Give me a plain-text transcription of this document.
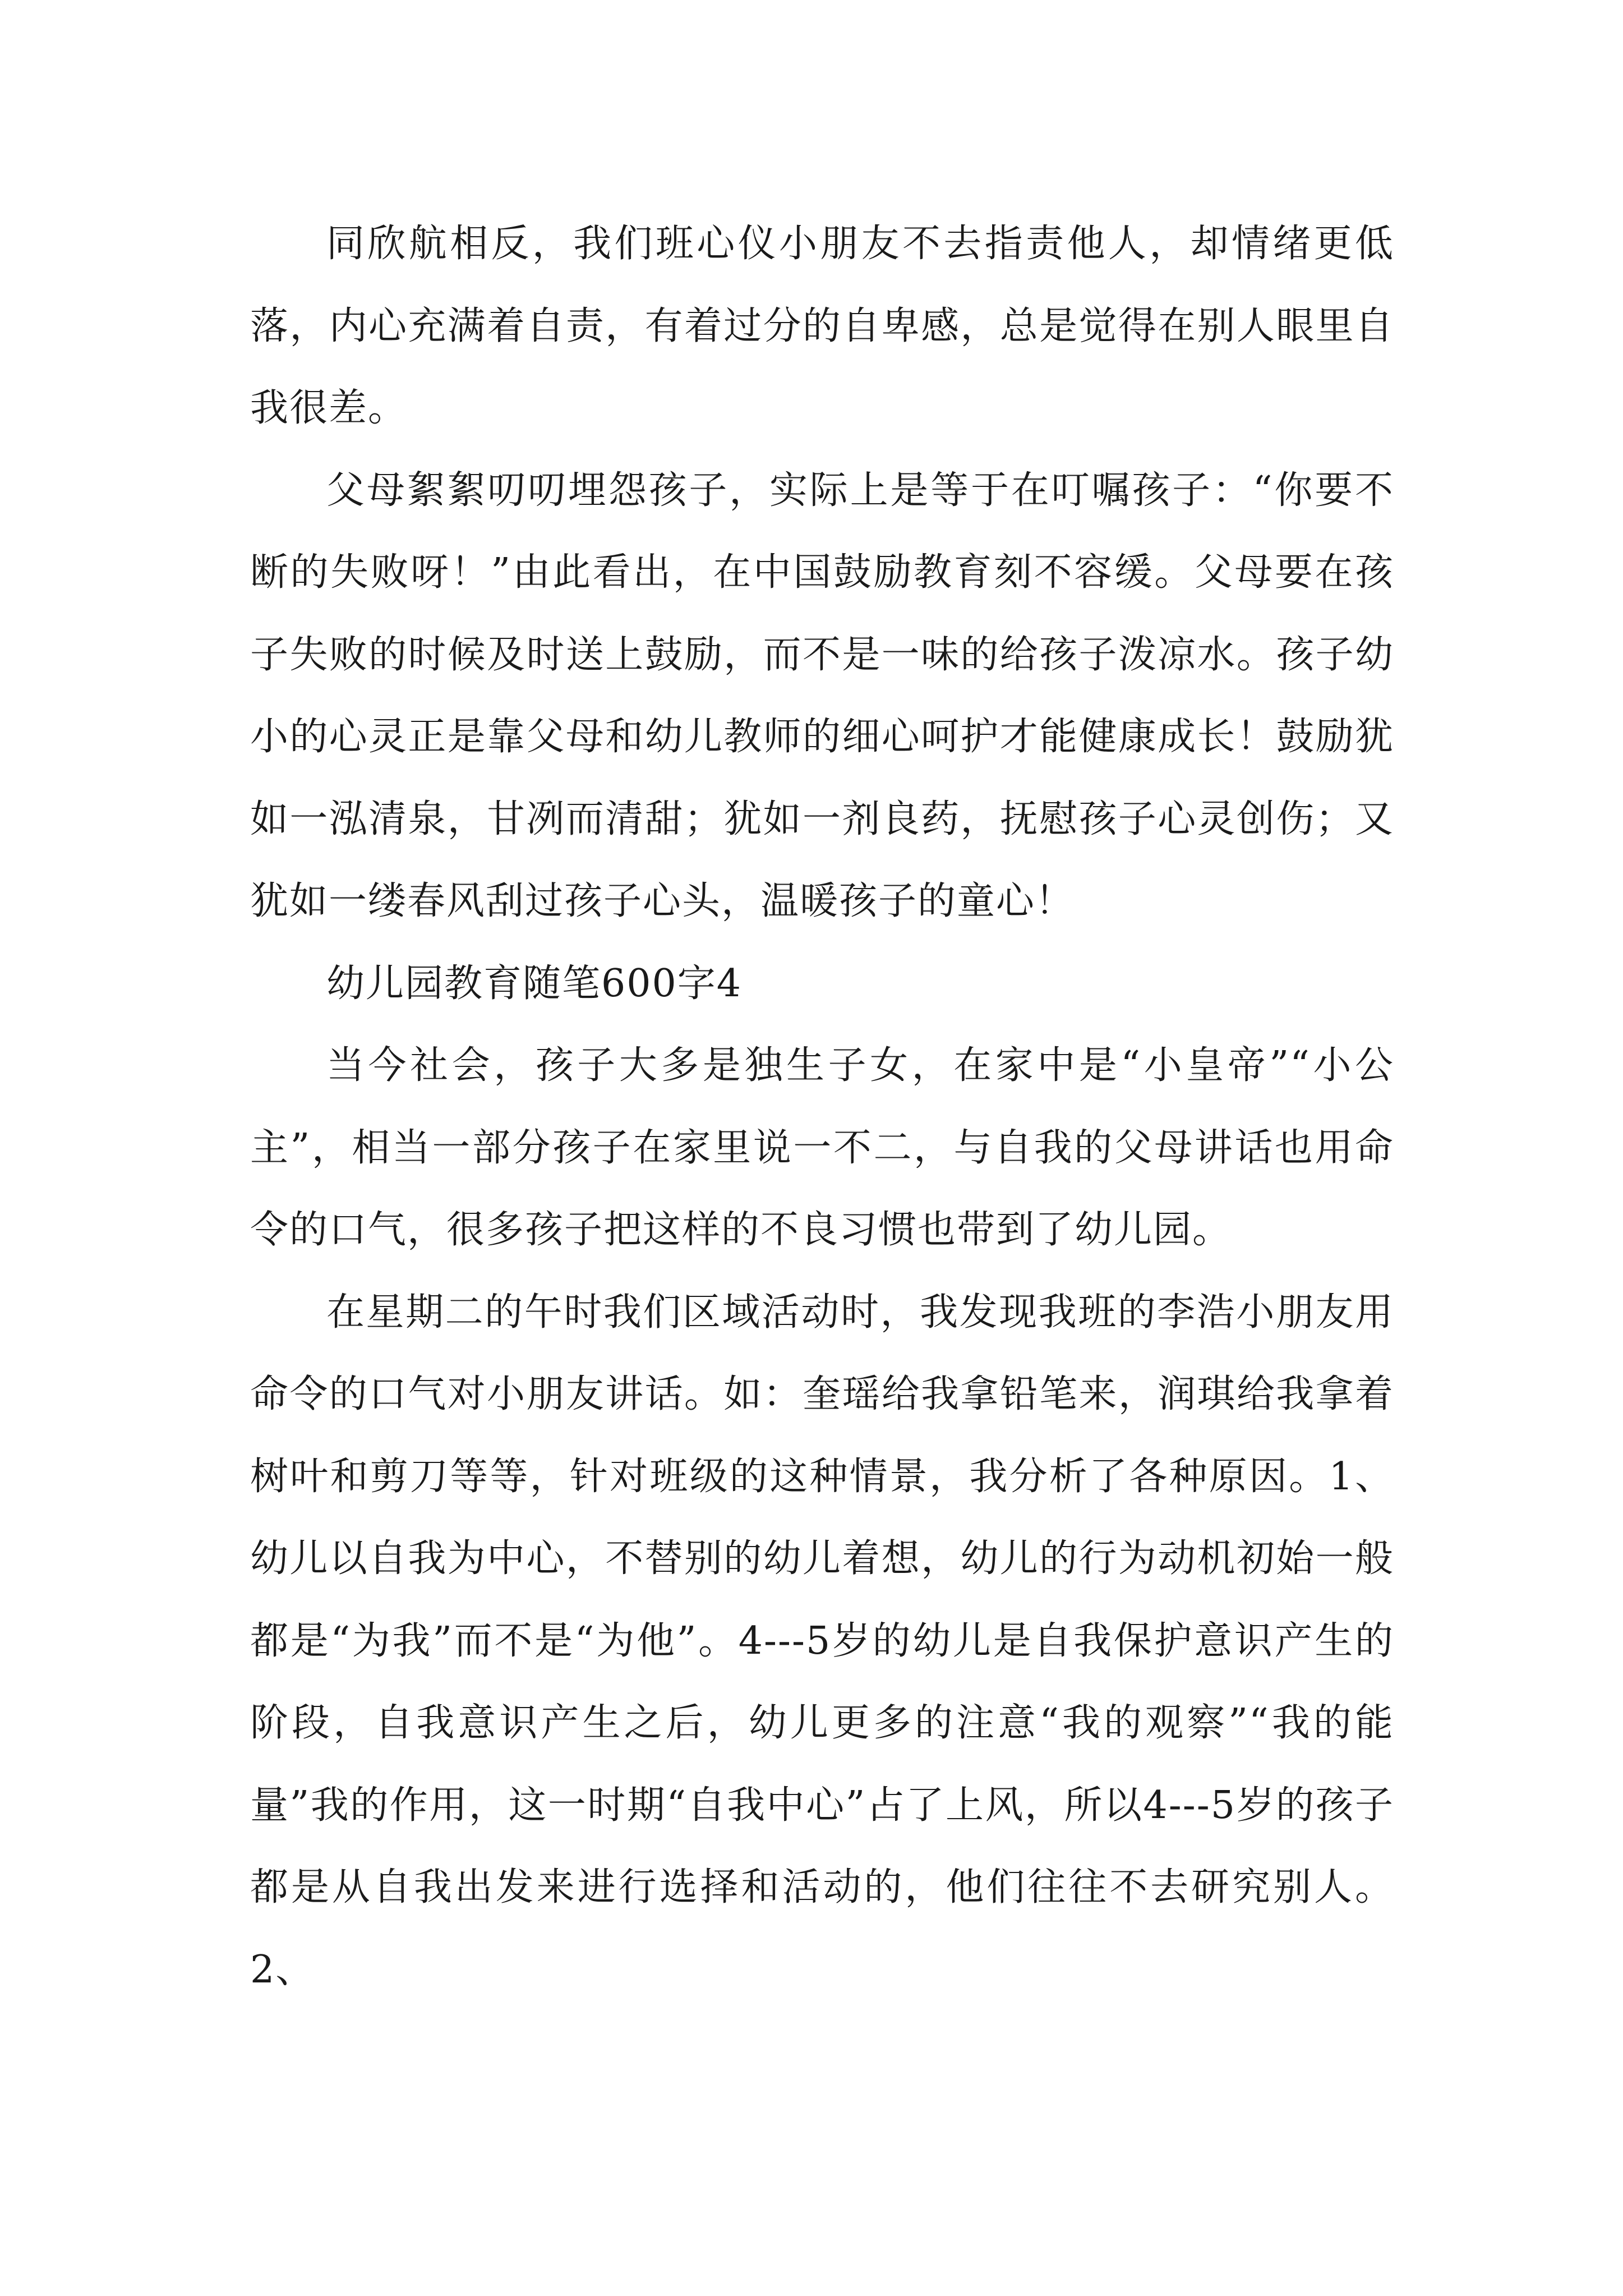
同欣航相反，我们班心仪小朋友不去指责他人，却情绪更低落，内心充满着自责，有着过分的自卑感，总是觉得在别人眼里自我很差。

父母絮絮叨叨埋怨孩子，实际上是等于在叮嘱孩子：“你要不断的失败呀！”由此看出，在中国鼓励教育刻不容缓。父母要在孩子失败的时候及时送上鼓励，而不是一味的给孩子泼凉水。孩子幼小的心灵正是靠父母和幼儿教师的细心呵护才能健康成长！鼓励犹如一泓清泉，甘冽而清甜；犹如一剂良药，抚慰孩子心灵创伤；又犹如一缕春风刮过孩子心头，温暖孩子的童心！

幼儿园教育随笔600字4

当今社会，孩子大多是独生子女，在家中是“小皇帝”“小公主”，相当一部分孩子在家里说一不二，与自我的父母讲话也用命令的口气，很多孩子把这样的不良习惯也带到了幼儿园。

在星期二的午时我们区域活动时，我发现我班的李浩小朋友用命令的口气对小朋友讲话。如：奎瑶给我拿铅笔来，润琪给我拿着树叶和剪刀等等，针对班级的这种情景，我分析了各种原因。1、幼儿以自我为中心，不替别的幼儿着想，幼儿的行为动机初始一般都是“为我”而不是“为他”。4---5岁的幼儿是自我保护意识产生的阶段，自我意识产生之后，幼儿更多的注意“我的观察”“我的能量”我的作用，这一时期“自我中心”占了上风，所以4---5岁的孩子都是从自我出发来进行选择和活动的，他们往往不去研究别人。2、
